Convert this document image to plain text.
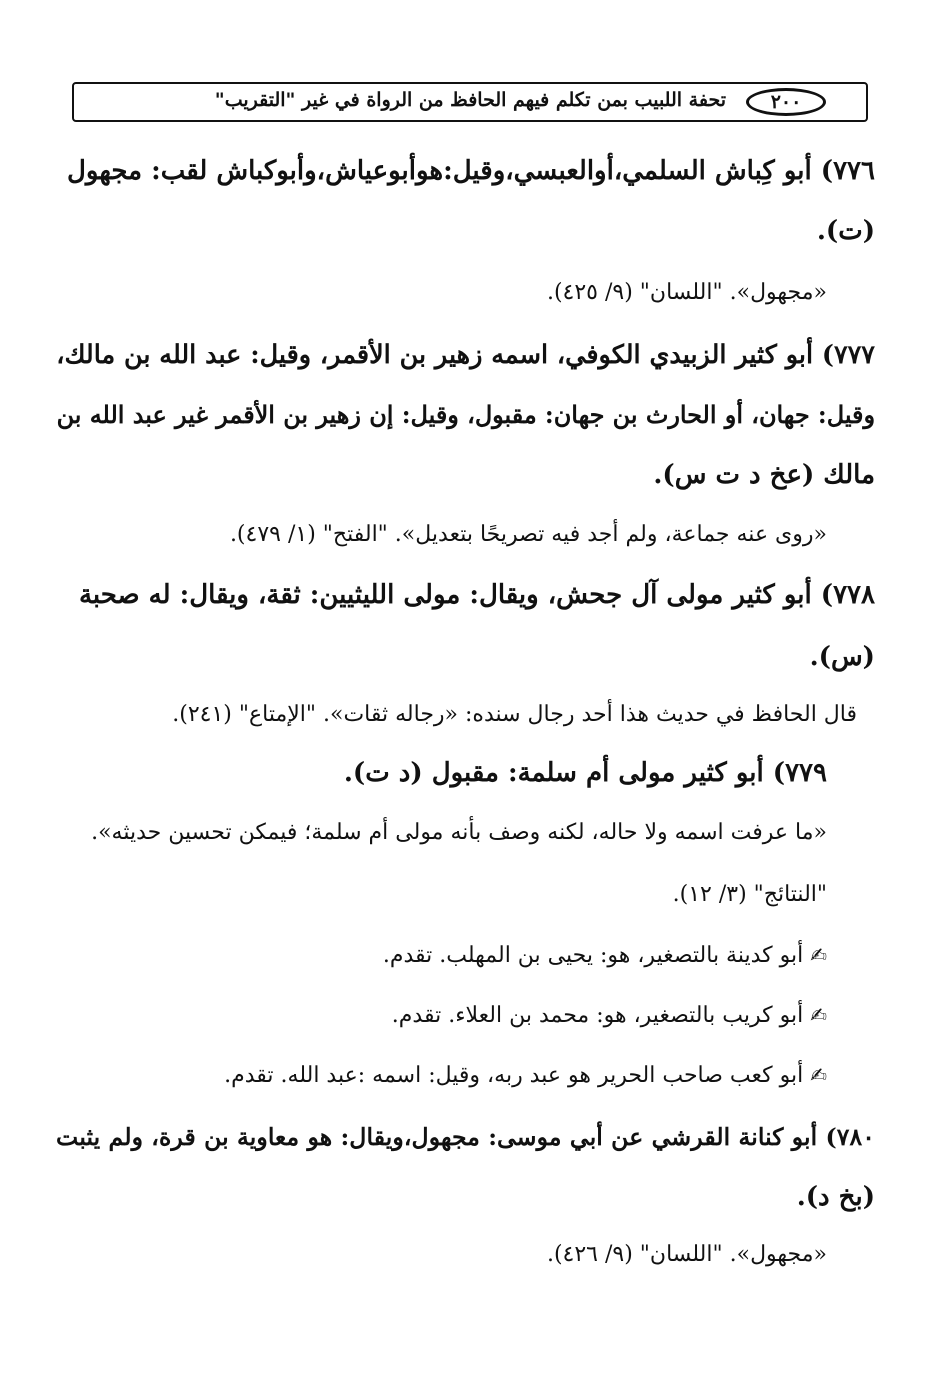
تحفة اللبيب بمن تكلم فيهم الحافظ من الرواة في غير "التقريب"	٢٠٠
٧٧٦) أبو كِباش السلمي،أوالعبسي،وقيل:هوأبوعياش،وأبوكباش لقب: مجهول
(ت).
«مجهول». "اللسان" (٩/ ٤٢٥).
٧٧٧) أبو كثير الزبيدي الكوفي، اسمه زهير بن الأقمر، وقيل: عبد الله بن مالك،
وقيل: جهان، أو الحارث بن جهان: مقبول، وقيل: إن زهير بن الأقمر غير عبد الله بن
مالك (عخ د ت س).
«روى عنه جماعة، ولم أجد فيه تصريحًا بتعديل». "الفتح" (١/ ٤٧٩).
٧٧٨) أبو كثير مولى آل جحش، ويقال: مولى الليثيين: ثقة، ويقال: له صحبة
(س).
قال الحافظ في حديث هذا أحد رجال سنده: «رجاله ثقات». "الإمتاع" (٢٤١).
٧٧٩) أبو كثير مولى أم سلمة: مقبول (د ت).
«ما عرفت اسمه ولا حاله، لكنه وصف بأنه مولى أم سلمة؛ فيمكن تحسين حديثه».
"النتائج" (٣/ ١٢).
✍ أبو كدينة بالتصغير، هو: يحيى بن المهلب. تقدم.
✍ أبو كريب بالتصغير، هو: محمد بن العلاء. تقدم.
✍ أبو كعب صاحب الحرير هو عبد ربه، وقيل: اسمه :عبد الله. تقدم.
٧٨٠) أبو كنانة القرشي عن أبي موسى: مجهول،ويقال: هو معاوية بن قرة، ولم يثبت
(بخ د).
«مجهول». "اللسان" (٩/ ٤٢٦).
